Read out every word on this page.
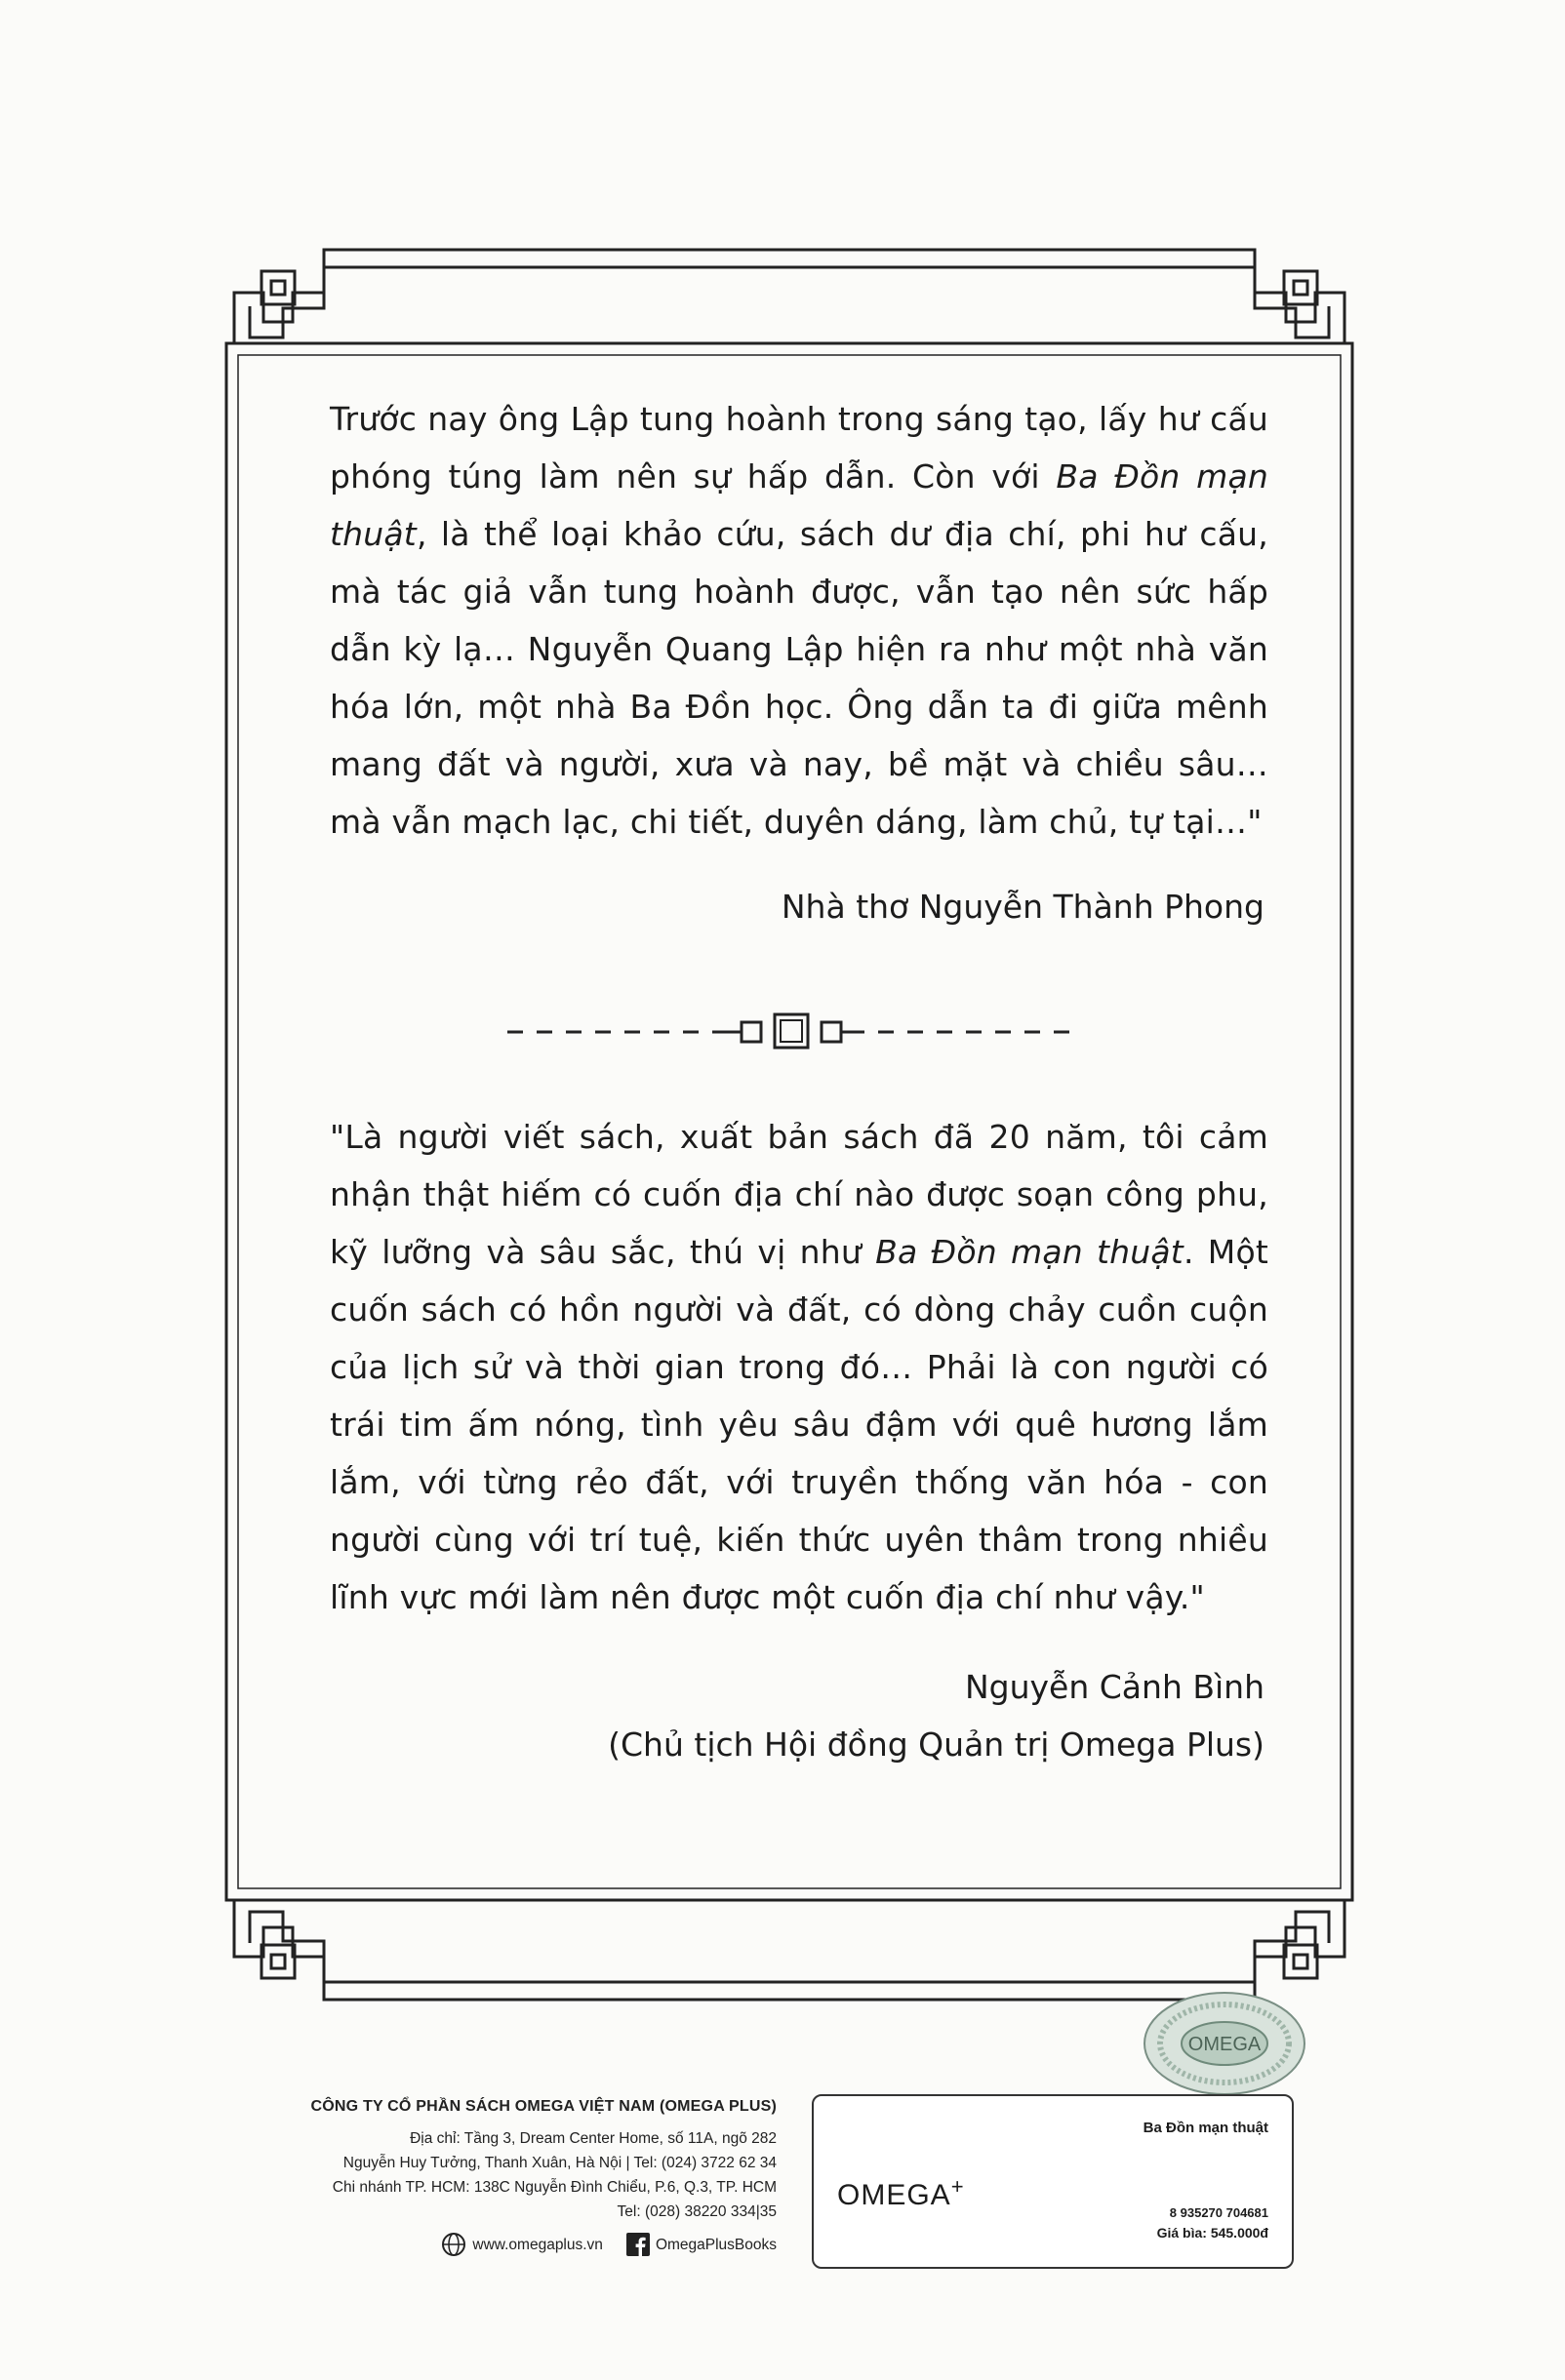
Trước nay ông Lập tung hoành trong sáng tạo, lấy hư cấu phóng túng làm nên sự hấp dẫn. Còn với Ba Đồn mạn thuật, là thể loại khảo cứu, sách dư địa chí, phi hư cấu, mà tác giả vẫn tung hoành được, vẫn tạo nên sức hấp dẫn kỳ lạ… Nguyễn Quang Lập hiện ra như một nhà văn hóa lớn, một nhà Ba Đồn học. Ông dẫn ta đi giữa mênh mang đất và người, xưa và nay, bề mặt và chiều sâu… mà vẫn mạch lạc, chi tiết, duyên dáng, làm chủ, tự tại…"

Nhà thơ Nguyễn Thành Phong

"Là người viết sách, xuất bản sách đã 20 năm, tôi cảm nhận thật hiếm có cuốn địa chí nào được soạn công phu, kỹ lưỡng và sâu sắc, thú vị như Ba Đồn mạn thuật. Một cuốn sách có hồn người và đất, có dòng chảy cuồn cuộn của lịch sử và thời gian trong đó… Phải là con người có trái tim ấm nóng, tình yêu sâu đậm với quê hương lắm lắm, với từng rẻo đất, với truyền thống văn hóa - con người cùng với trí tuệ, kiến thức uyên thâm trong nhiều lĩnh vực mới làm nên được một cuốn địa chí như vậy."

Nguyễn Cảnh Bình
(Chủ tịch Hội đồng Quản trị Omega Plus)
OMEGA
CÔNG TY CỔ PHẦN SÁCH OMEGA VIỆT NAM (OMEGA PLUS)
Địa chỉ: Tầng 3, Dream Center Home, số 11A, ngõ 282
Nguyễn Huy Tưởng, Thanh Xuân, Hà Nội | Tel: (024) 3722 62 34
Chi nhánh TP. HCM: 138C Nguyễn Đình Chiểu, P.6, Q.3, TP. HCM
Tel: (028) 38220 334|35
www.omegaplus.vn	OmegaPlusBooks
Ba Đồn mạn thuật
OMEGA+
8 935270 704681
Giá bìa: 545.000đ
